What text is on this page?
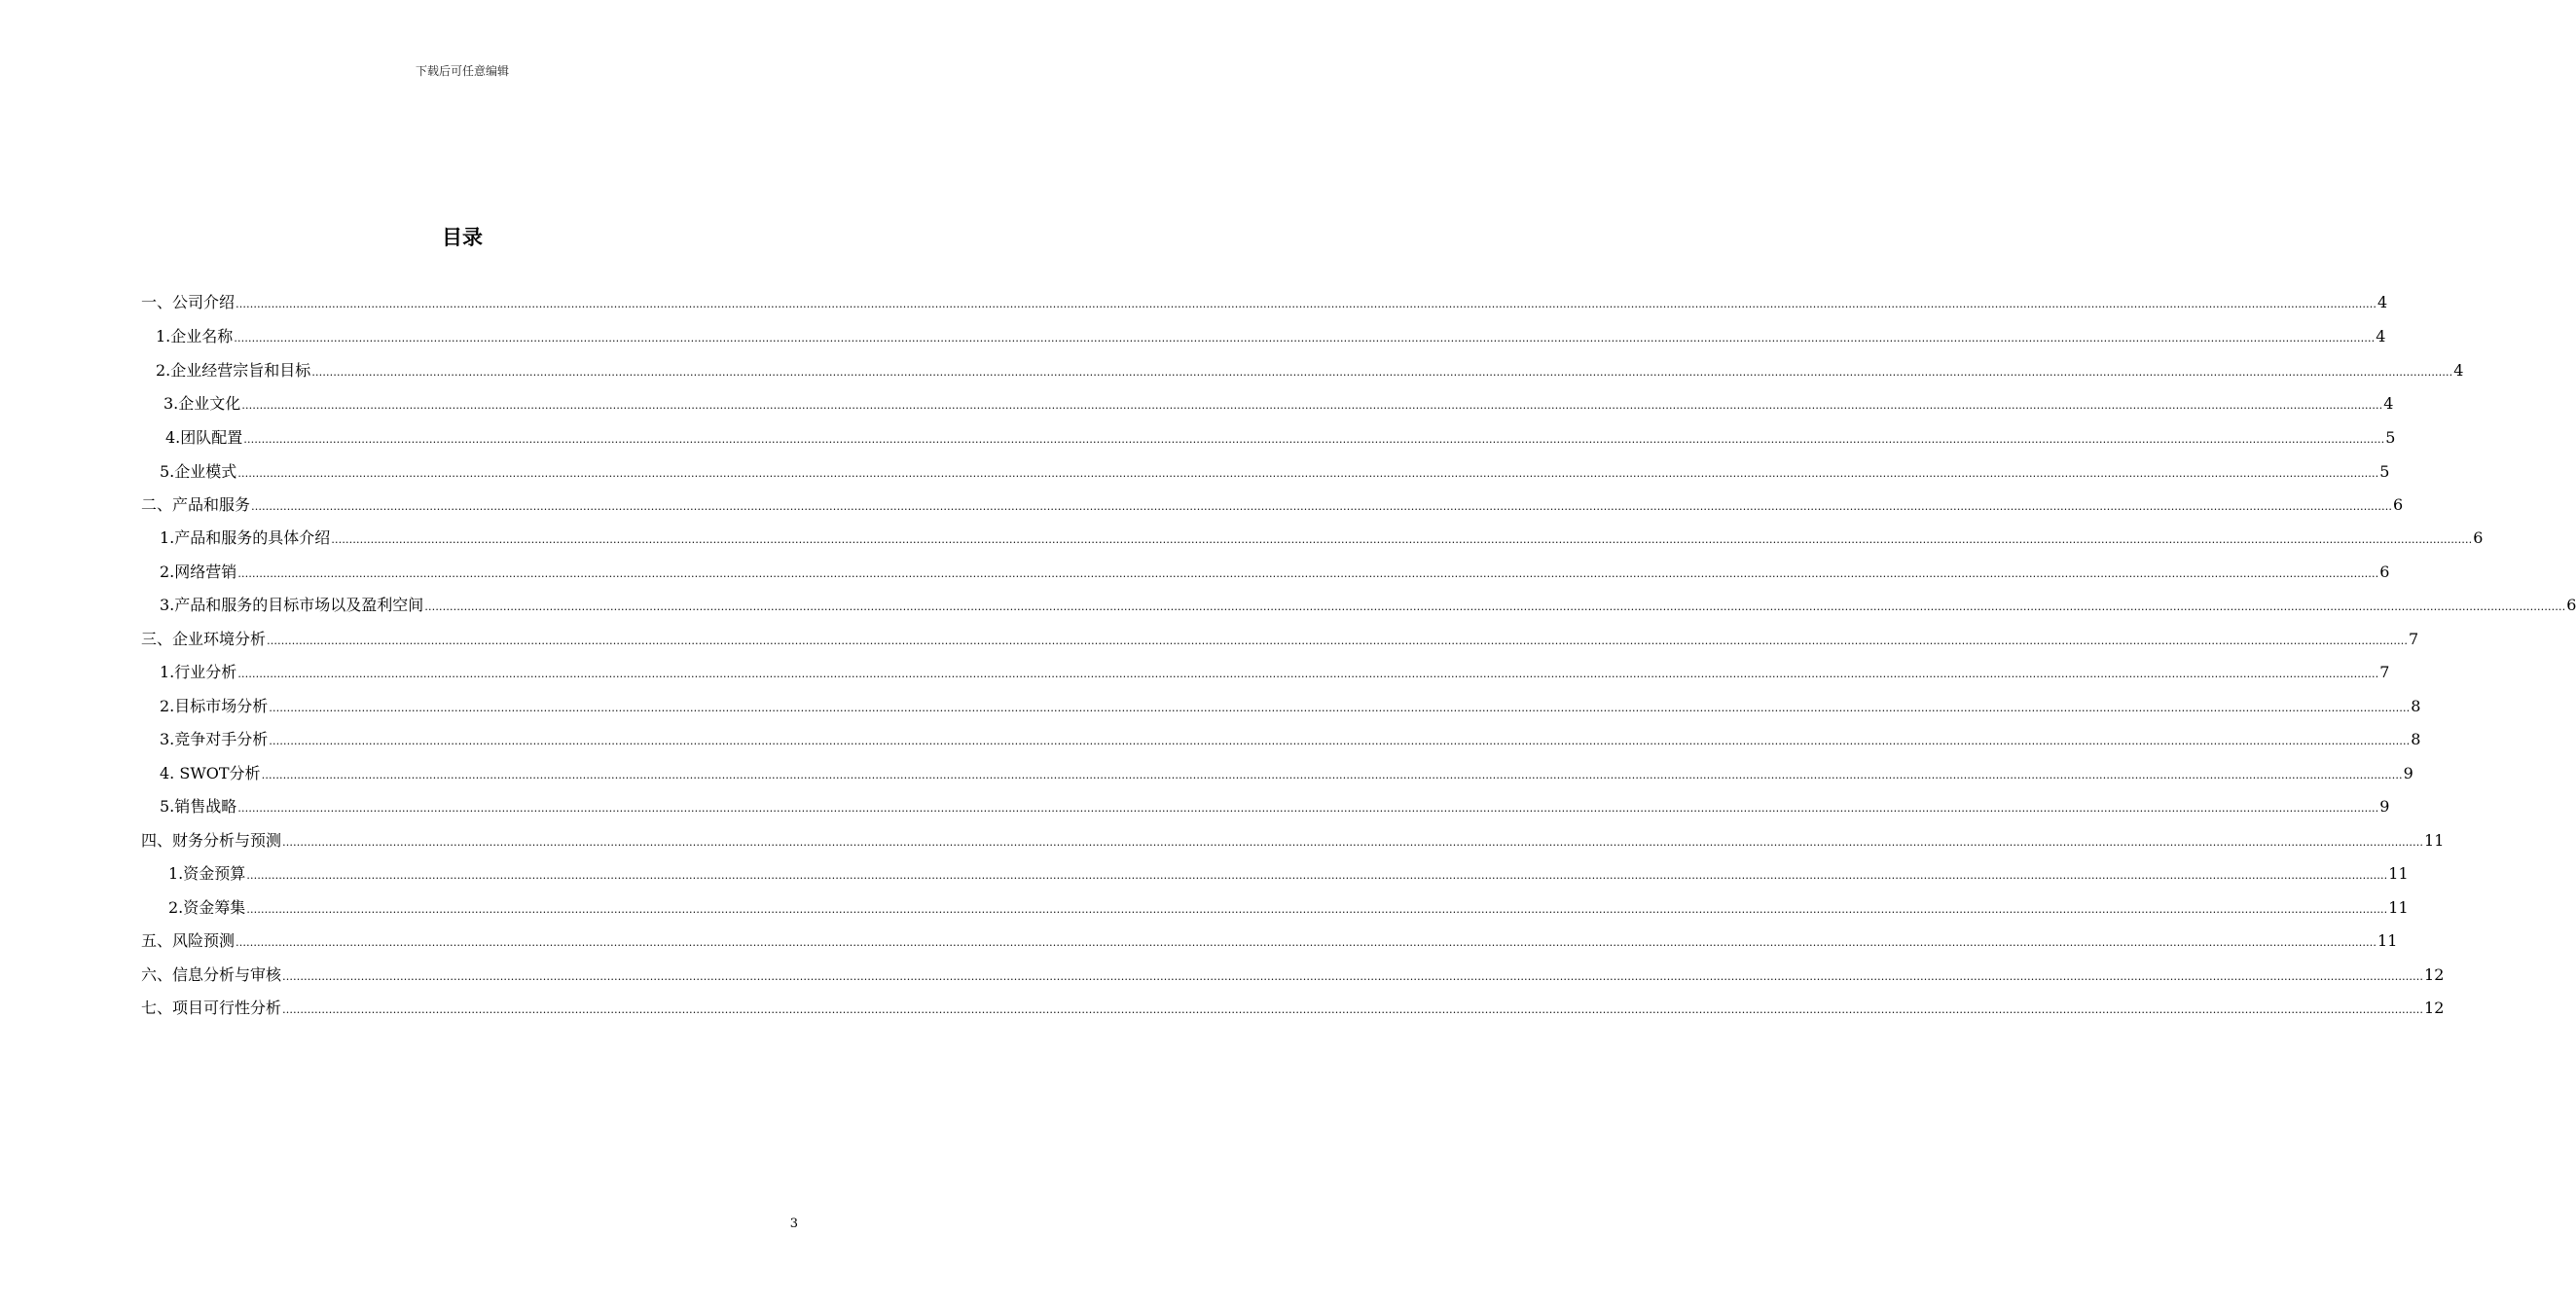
下载后可任意编辑
目录
一、公司介绍 …………………………………………………………………………………………………………………………………………………………………………………………………………………………………………………………………………………………………………………………………………………………………………………………………………………………………………………………………………………………………………………………………………………… 4
1.企业名称 …………………………………………………………………………………………………………………………………………………………………………………………………………………………………………………………………………………………………………………………………………………………………………………………………………………………………………………………………………………………………………………………………………………… 4
2.企业经营宗旨和目标 …………………………………………………………………………………………………………………………………………………………………………………………………………………………………………………………………………………………………………………………………………………………………………………………………………………………………………………………………………………………………………………………………………………… 4
3.企业文化 …………………………………………………………………………………………………………………………………………………………………………………………………………………………………………………………………………………………………………………………………………………………………………………………………………………………………………………………………………………………………………………………………………………… 4
4.团队配置 …………………………………………………………………………………………………………………………………………………………………………………………………………………………………………………………………………………………………………………………………………………………………………………………………………………………………………………………………………………………………………………………………………………… 5
5.企业模式 …………………………………………………………………………………………………………………………………………………………………………………………………………………………………………………………………………………………………………………………………………………………………………………………………………………………………………………………………………………………………………………………………………………… 5
二、产品和服务 …………………………………………………………………………………………………………………………………………………………………………………………………………………………………………………………………………………………………………………………………………………………………………………………………………………………………………………………………………………………………………………………………………………… 6
1.产品和服务的具体介绍 …………………………………………………………………………………………………………………………………………………………………………………………………………………………………………………………………………………………………………………………………………………………………………………………………………………………………………………………………………………………………………………………………………………… 6
2.网络营销 …………………………………………………………………………………………………………………………………………………………………………………………………………………………………………………………………………………………………………………………………………………………………………………………………………………………………………………………………………………………………………………………………………………… 6
3.产品和服务的目标市场以及盈利空间 …………………………………………………………………………………………………………………………………………………………………………………………………………………………………………………………………………………………………………………………………………………………………………………………………………………………………………………………………………………………………………………………………………………… 6
三、企业环境分析 …………………………………………………………………………………………………………………………………………………………………………………………………………………………………………………………………………………………………………………………………………………………………………………………………………………………………………………………………………………………………………………………………………………… 7
1.行业分析 …………………………………………………………………………………………………………………………………………………………………………………………………………………………………………………………………………………………………………………………………………………………………………………………………………………………………………………………………………………………………………………………………………………… 7
2.目标市场分析 …………………………………………………………………………………………………………………………………………………………………………………………………………………………………………………………………………………………………………………………………………………………………………………………………………………………………………………………………………………………………………………………………………………… 8
3.竞争对手分析 …………………………………………………………………………………………………………………………………………………………………………………………………………………………………………………………………………………………………………………………………………………………………………………………………………………………………………………………………………………………………………………………………………………… 8
4. SWOT分析 …………………………………………………………………………………………………………………………………………………………………………………………………………………………………………………………………………………………………………………………………………………………………………………………………………………………………………………………………………………………………………………………………………………… 9
5.销售战略 …………………………………………………………………………………………………………………………………………………………………………………………………………………………………………………………………………………………………………………………………………………………………………………………………………………………………………………………………………………………………………………………………………………… 9
四、财务分析与预测 …………………………………………………………………………………………………………………………………………………………………………………………………………………………………………………………………………………………………………………………………………………………………………………………………………………………………………………………………………………………………………………………………………………… 11
1.资金预算 …………………………………………………………………………………………………………………………………………………………………………………………………………………………………………………………………………………………………………………………………………………………………………………………………………………………………………………………………………………………………………………………………………………… 11
2.资金筹集 …………………………………………………………………………………………………………………………………………………………………………………………………………………………………………………………………………………………………………………………………………………………………………………………………………………………………………………………………………………………………………………………………………………… 11
五、风险预测 …………………………………………………………………………………………………………………………………………………………………………………………………………………………………………………………………………………………………………………………………………………………………………………………………………………………………………………………………………………………………………………………………………………… 11
六、信息分析与审核 …………………………………………………………………………………………………………………………………………………………………………………………………………………………………………………………………………………………………………………………………………………………………………………………………………………………………………………………………………………………………………………………………………………… 12
七、项目可行性分析 …………………………………………………………………………………………………………………………………………………………………………………………………………………………………………………………………………………………………………………………………………………………………………………………………………………………………………………………………………………………………………………………………………………… 12
3
